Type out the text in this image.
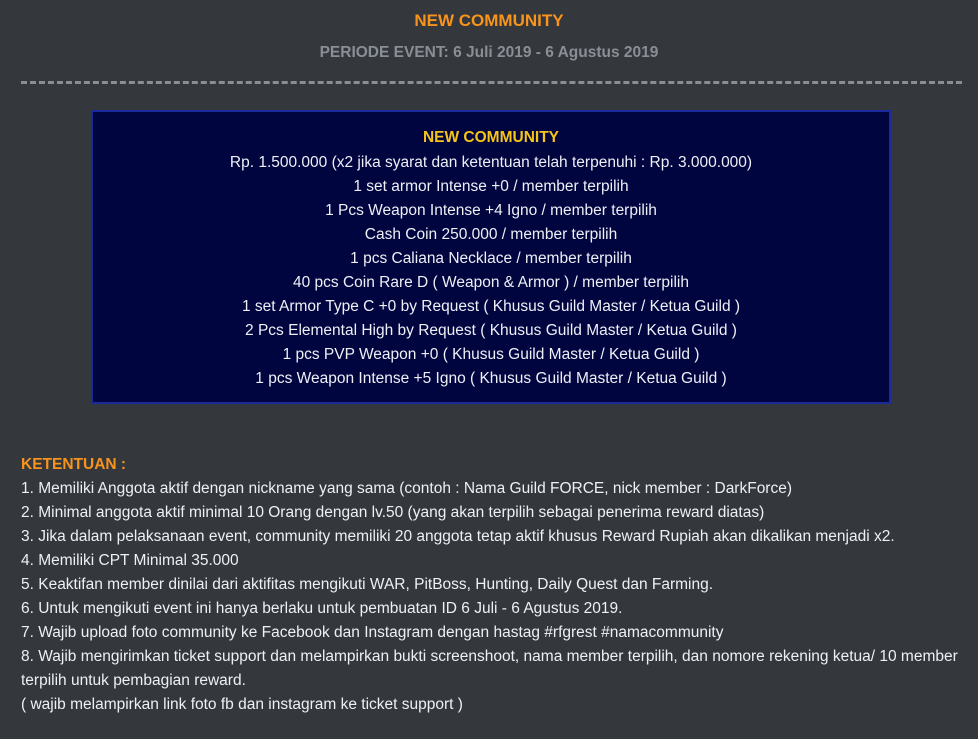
NEW COMMUNITY
PERIODE EVENT: 6 Juli 2019 - 6 Agustus 2019
NEW COMMUNITY
Rp. 1.500.000 (x2 jika syarat dan ketentuan telah terpenuhi : Rp. 3.000.000)
1 set armor Intense +0 / member terpilih
1 Pcs Weapon Intense +4 Igno / member terpilih
Cash Coin 250.000 / member terpilih
1 pcs Caliana Necklace / member terpilih
40 pcs Coin Rare D ( Weapon & Armor ) / member terpilih
1 set Armor Type C +0 by Request ( Khusus Guild Master / Ketua Guild )
2 Pcs Elemental High by Request ( Khusus Guild Master / Ketua Guild )
1 pcs PVP Weapon +0 ( Khusus Guild Master / Ketua Guild )
1 pcs Weapon Intense +5 Igno ( Khusus Guild Master / Ketua Guild )
KETENTUAN :
1. Memiliki Anggota aktif dengan nickname yang sama (contoh : Nama Guild FORCE, nick member : DarkForce)
2. Minimal anggota aktif minimal 10 Orang dengan lv.50 (yang akan terpilih sebagai penerima reward diatas)
3. Jika dalam pelaksanaan event, community memiliki 20 anggota tetap aktif khusus Reward Rupiah akan dikalikan menjadi x2.
4. Memiliki CPT Minimal 35.000
5. Keaktifan member dinilai dari aktifitas mengikuti WAR, PitBoss, Hunting, Daily Quest dan Farming.
6. Untuk mengikuti event ini hanya berlaku untuk pembuatan ID 6 Juli - 6 Agustus 2019.
7. Wajib upload foto community ke Facebook dan Instagram dengan hastag #rfgrest #namacommunity
8. Wajib mengirimkan ticket support dan melampirkan bukti screenshoot, nama member terpilih, dan nomore rekening ketua/ 10 member terpilih untuk pembagian reward.
( wajib melampirkan link foto fb dan instagram ke ticket support )
